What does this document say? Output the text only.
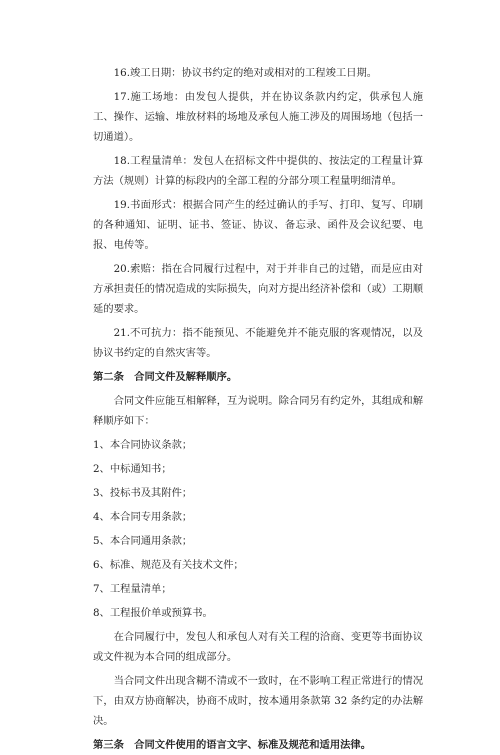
16.竣工日期：协议书约定的绝对或相对的工程竣工日期。

17.施工场地：由发包人提供，并在协议条款内约定，供承包人施工、操作、运输、堆放材料的场地及承包人施工涉及的周围场地（包括一切通道）。

18.工程量清单：发包人在招标文件中提供的、按法定的工程量计算方法（规则）计算的标段内的全部工程的分部分项工程量明细清单。

19.书面形式：根据合同产生的经过确认的手写、打印、复写、印刷的各种通知、证明、证书、签证、协议、备忘录、函件及会议纪要、电报、电传等。

20.索赔：指在合同履行过程中，对于并非自己的过错，而是应由对方承担责任的情况造成的实际损失，向对方提出经济补偿和（或）工期顺延的要求。

21.不可抗力：指不能预见、不能避免并不能克服的客观情况，以及协议书约定的自然灾害等。

第二条　合同文件及解释顺序。

合同文件应能互相解释，互为说明。除合同另有约定外，其组成和解释顺序如下：

1、本合同协议条款；

2、中标通知书；

3、投标书及其附件；

4、本合同专用条款；

5、本合同通用条款；

6、标准、规范及有关技术文件；

7、工程量清单；

8、工程报价单或预算书。

在合同履行中，发包人和承包人对有关工程的洽商、变更等书面协议或文件视为本合同的组成部分。

当合同文件出现含糊不清或不一致时，在不影响工程正常进行的情况下，由双方协商解决，协商不成时，按本通用条款第 32 条约定的办法解决。

第三条　合同文件使用的语言文字、标准及规范和适用法律。
